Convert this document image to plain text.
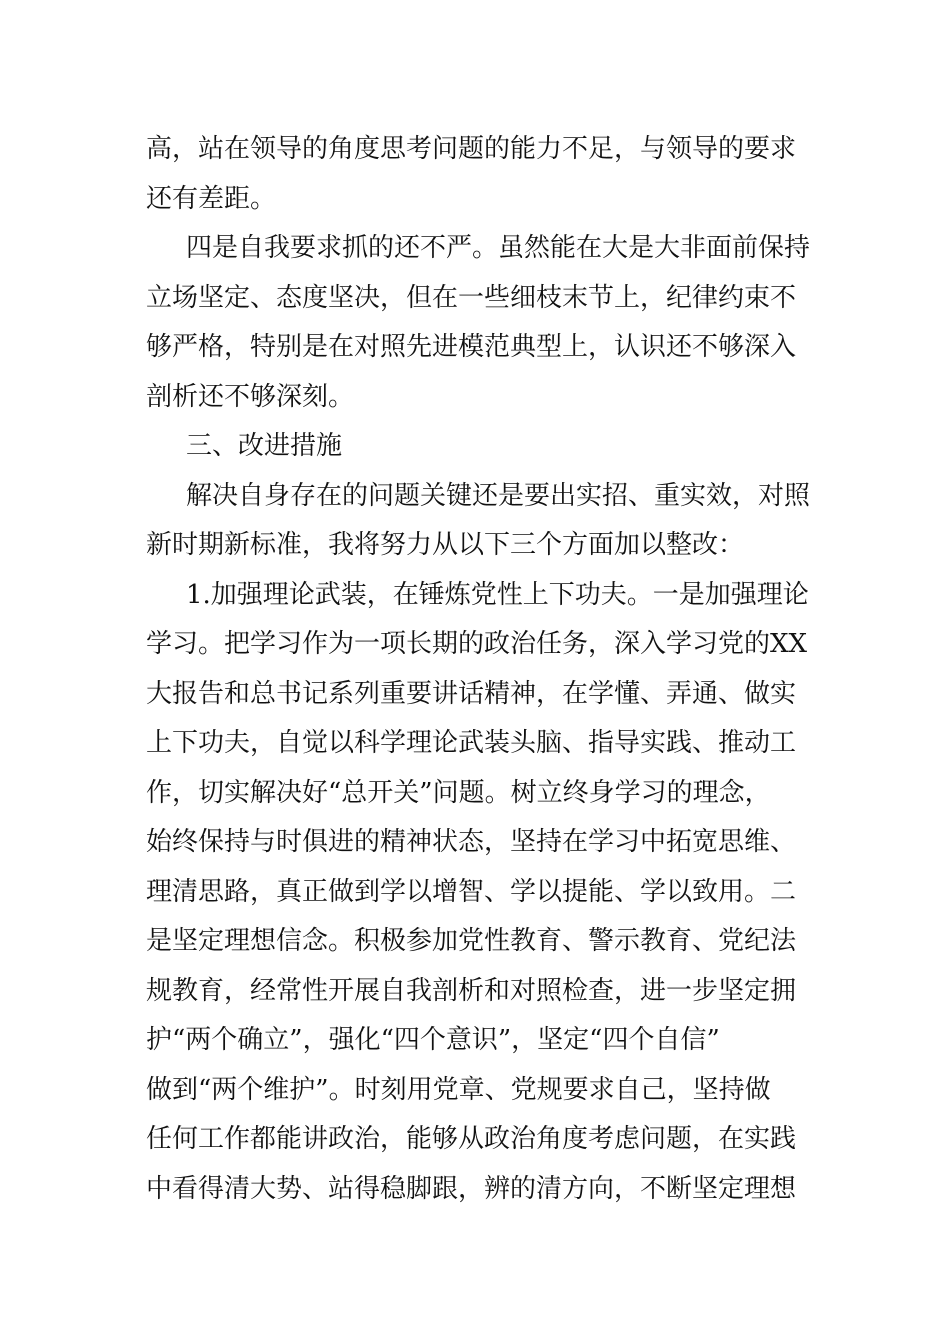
高，站在领导的角度思考问题的能力不足，与领导的要求
还有差距。
四是自我要求抓的还不严。虽然能在大是大非面前保持
立场坚定、态度坚决，但在一些细枝末节上，纪律约束不
够严格，特别是在对照先进模范典型上，认识还不够深入
剖析还不够深刻。
三、改进措施
解决自身存在的问题关键还是要出实招、重实效，对照
新时期新标准，我将努力从以下三个方面加以整改：
1.加强理论武装，在锤炼党性上下功夫。一是加强理论
学习。把学习作为一项长期的政治任务，深入学习党的XX
大报告和总书记系列重要讲话精神，在学懂、弄通、做实
上下功夫，自觉以科学理论武装头脑、指导实践、推动工
作，切实解决好“总开关”问题。树立终身学习的理念，
始终保持与时俱进的精神状态，坚持在学习中拓宽思维、
理清思路，真正做到学以增智、学以提能、学以致用。二
是坚定理想信念。积极参加党性教育、警示教育、党纪法
规教育，经常性开展自我剖析和对照检查，进一步坚定拥
护“两个确立”，强化“四个意识”，坚定“四个自信”
做到“两个维护”。时刻用党章、党规要求自己，坚持做
任何工作都能讲政治，能够从政治角度考虑问题，在实践
中看得清大势、站得稳脚跟，辨的清方向，不断坚定理想
